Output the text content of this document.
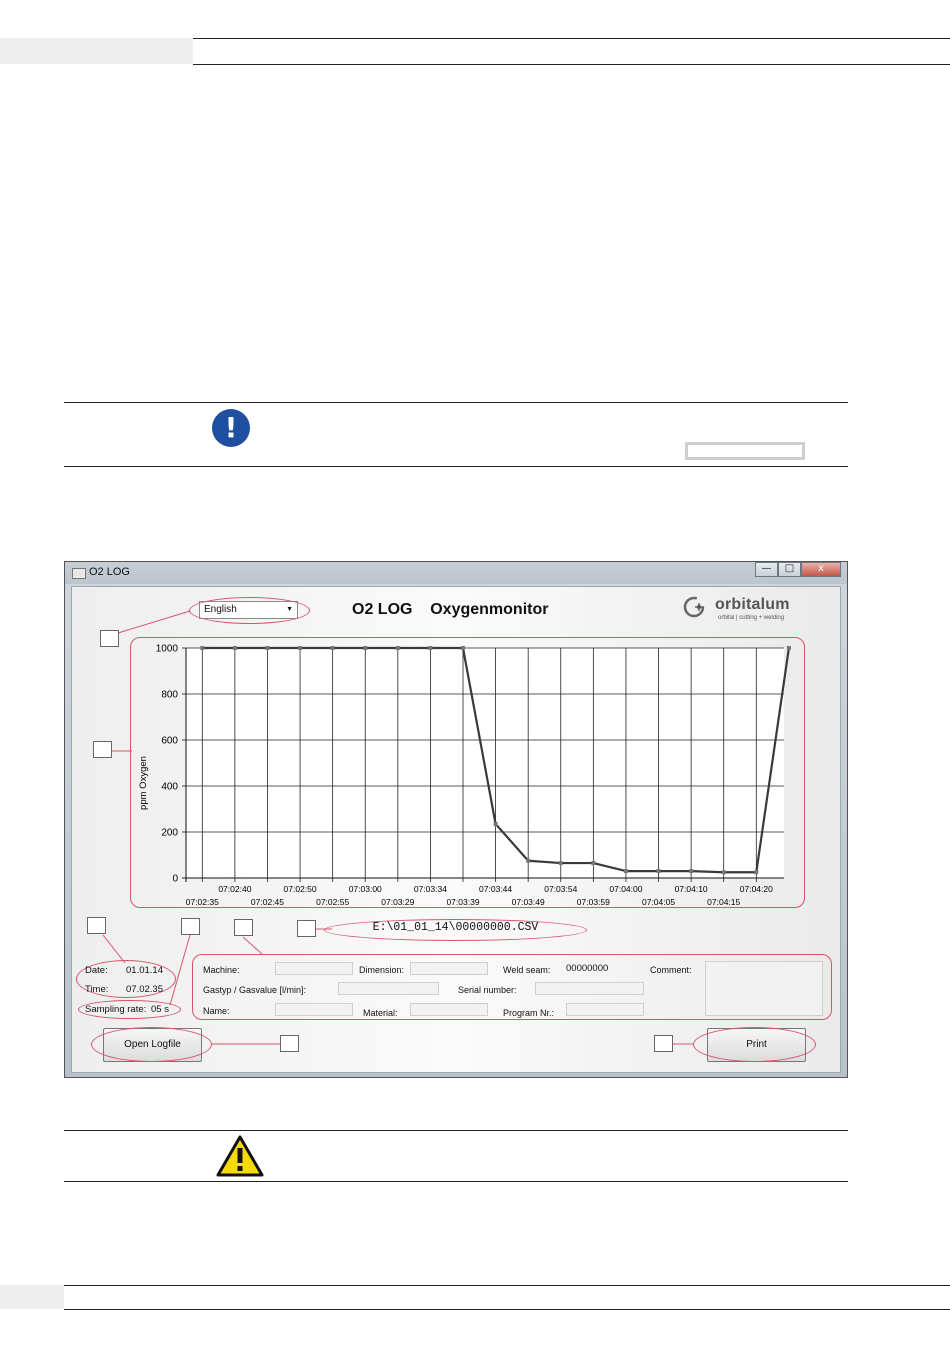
!
O2 LOG	—	□	x
English	▼	O2 LOG    Oxygenmonitor	orbitalum
orbital | cutting + welding
0
200
400
600
800
1000
07:02:35
07:02:40
07:02:45
07:02:50
07:02:55
07:03:00
07:03:29
07:03:34
07:03:39
07:03:44
07:03:49
07:03:54
07:03:59
07:04:00
07:04:05
07:04:10
07:04:15
07:04:20
ppm Oxygen
E:\01_01_14\00000000.CSV
Date: 01.01.14
Time: 07.02.35
Sampling rate: 05 s
Machine:	Dimension:	Weld seam: 00000000	Comment:
Gastyp / Gasvalue [l/min]:	Serial number:
Name:	Material:	Program Nr.:
Open Logfile	Print
